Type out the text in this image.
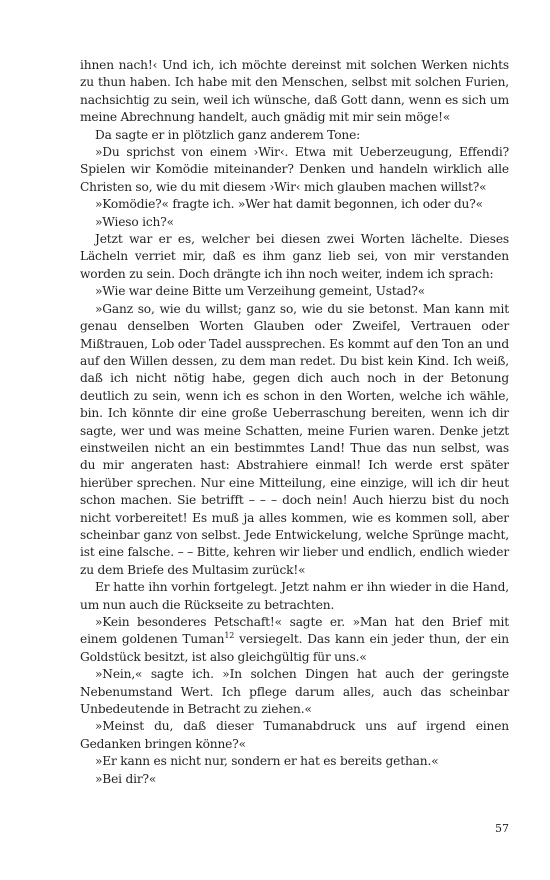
ihnen nach!‹ Und ich, ich möchte dereinst mit solchen Werken nichts zu thun haben. Ich habe mit den Menschen, selbst mit solchen Furien, nachsichtig zu sein, weil ich wünsche, daß Gott dann, wenn es sich um meine Abrechnung handelt, auch gnädig mit mir sein möge!«

Da sagte er in plötzlich ganz anderem Tone:

»Du sprichst von einem ›Wir‹. Etwa mit Ueberzeugung, Effendi? Spielen wir Komödie miteinander? Denken und handeln wirklich alle Christen so, wie du mit diesem ›Wir‹ mich glauben machen willst?«

»Komödie?« fragte ich. »Wer hat damit begonnen, ich oder du?«

»Wieso ich?«

Jetzt war er es, welcher bei diesen zwei Worten lächelte. Dieses Lächeln verriet mir, daß es ihm ganz lieb sei, von mir verstanden worden zu sein. Doch drängte ich ihn noch weiter, indem ich sprach:

»Wie war deine Bitte um Verzeihung gemeint, Ustad?«

»Ganz so, wie du willst; ganz so, wie du sie betonst. Man kann mit genau denselben Worten Glauben oder Zweifel, Vertrauen oder Mißtrauen, Lob oder Tadel aussprechen. Es kommt auf den Ton an und auf den Willen dessen, zu dem man redet. Du bist kein Kind. Ich weiß, daß ich nicht nötig habe, gegen dich auch noch in der Betonung deutlich zu sein, wenn ich es schon in den Worten, welche ich wähle, bin. Ich könnte dir eine große Ueberraschung bereiten, wenn ich dir sagte, wer und was meine Schatten, meine Furien waren. Denke jetzt einstweilen nicht an ein bestimmtes Land! Thue das nun selbst, was du mir angeraten hast: Abstrahiere einmal! Ich werde erst später hierüber sprechen. Nur eine Mitteilung, eine einzige, will ich dir heut schon machen. Sie betrifft – – – doch nein! Auch hierzu bist du noch nicht vorbereitet! Es muß ja alles kommen, wie es kommen soll, aber scheinbar ganz von selbst. Jede Entwickelung, welche Sprünge macht, ist eine falsche. – – Bitte, kehren wir lieber und endlich, endlich wieder zu dem Briefe des Multasim zurück!«

Er hatte ihn vorhin fortgelegt. Jetzt nahm er ihn wieder in die Hand, um nun auch die Rückseite zu betrachten.

»Kein besonderes Petschaft!« sagte er. »Man hat den Brief mit einem goldenen Tuman$^{12}$ versiegelt. Das kann ein jeder thun, der ein Goldstück besitzt, ist also gleichgültig für uns.«

»Nein,« sagte ich. »In solchen Dingen hat auch der geringste Nebenumstand Wert. Ich pflege darum alles, auch das scheinbar Unbedeutende in Betracht zu ziehen.«

»Meinst du, daß dieser Tumanabdruck uns auf irgend einen Gedanken bringen könne?«

»Er kann es nicht nur, sondern er hat es bereits gethan.«

»Bei dir?«

57
